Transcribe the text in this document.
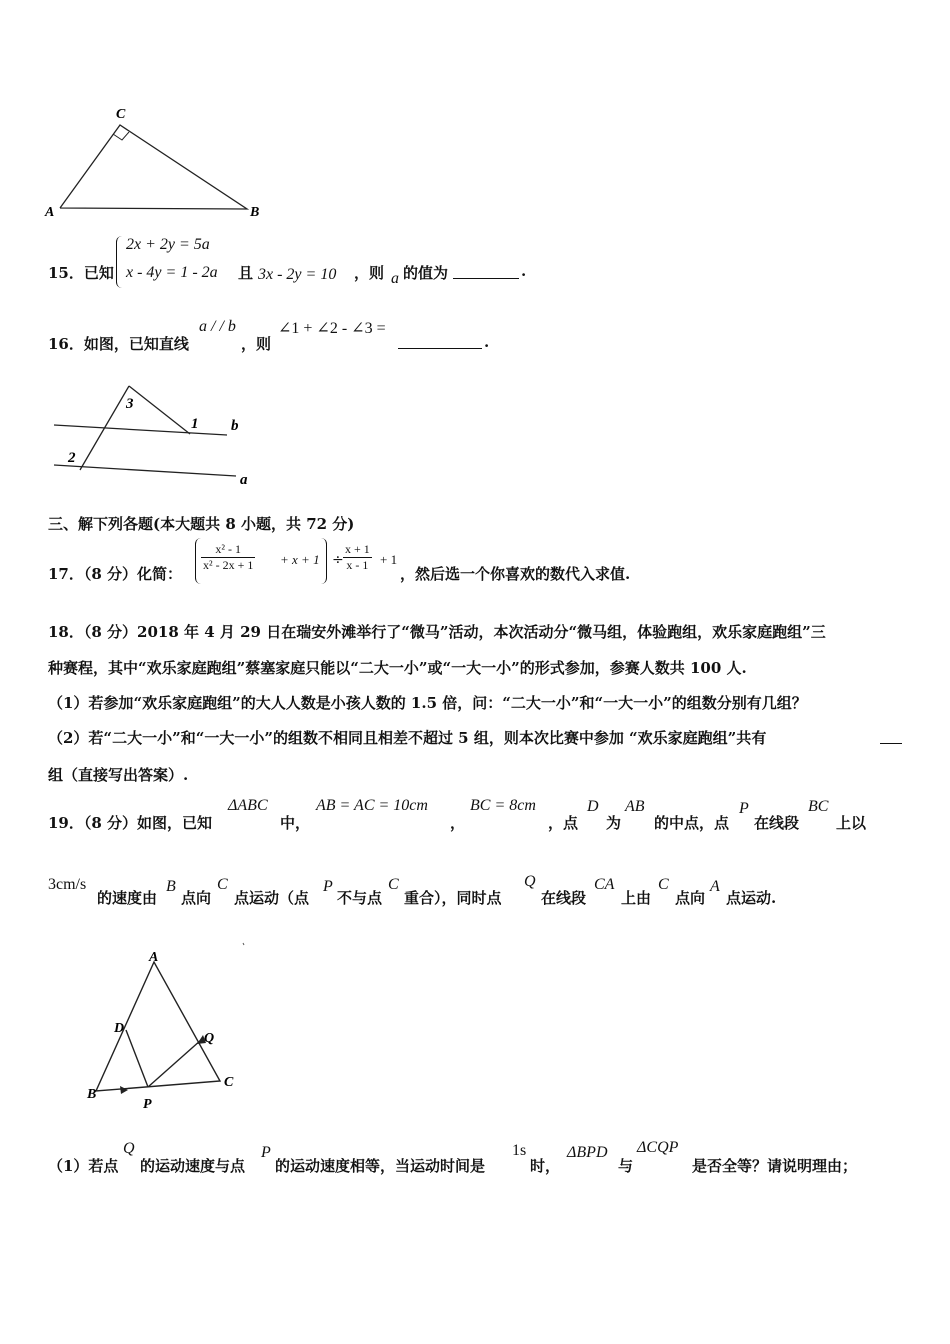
C
A	B
15．已知
2x + 2y = 5a
x - 4y = 1 - 2a 且 3x - 2y = 10 ，则 a 的值为	.
16．如图，已知直线
a / / b
，则
∠1 + ∠2 - ∠3 =
.
3
1 b
2
a
三、解下列各题(本大题共 8 小题，共 72 分)
17．（8 分）化简：
$\frac{\text{x² - 1}}{\text{x² - 2x + 1}} + x + 1 \div \frac{x + 1}{x - 1} + 1$
，然后选一个你喜欢的数代入求值.
18．（8 分）2018 年 4 月 29 日在瑞安外滩举行了“微马”活动，本次活动分“微马组，体验跑组，欢乐家庭跑组”三
种赛程，其中“欢乐家庭跑组”蔡塞家庭只能以“二大一小”或“一大一小”的形式参加，参赛人数共 100 人.
（1）若参加“欢乐家庭跑组”的大人人数是小孩人数的 1.5 倍，问：“二大一小”和“一大一小”的组数分别有几组？
（2）若“二大一小”和“一大一小”的组数不相同且相差不超过 5 组，则本次比赛中参加 “欢乐家庭跑组”共有
组（直接写出答案）.
19．（8 分）如图，已知
ΔABC
中，
AB = AC = 10cm
，
BC = 8cm
，点
D
为
AB
的中点，点
P
在线段
BC
上以
3cm/s
的速度由
B
点向
C
点运动（点
P
不与点
C
重合），同时点
Q
在线段
CA
上由
C
点向
A
点运动.
A
D
Q
B
P
C
（1）若点
Q
的运动速度与点
P
的运动速度相等，当运动时间是
1s
时，
ΔBPD
与
ΔCQP
是否全等？请说明理由；
